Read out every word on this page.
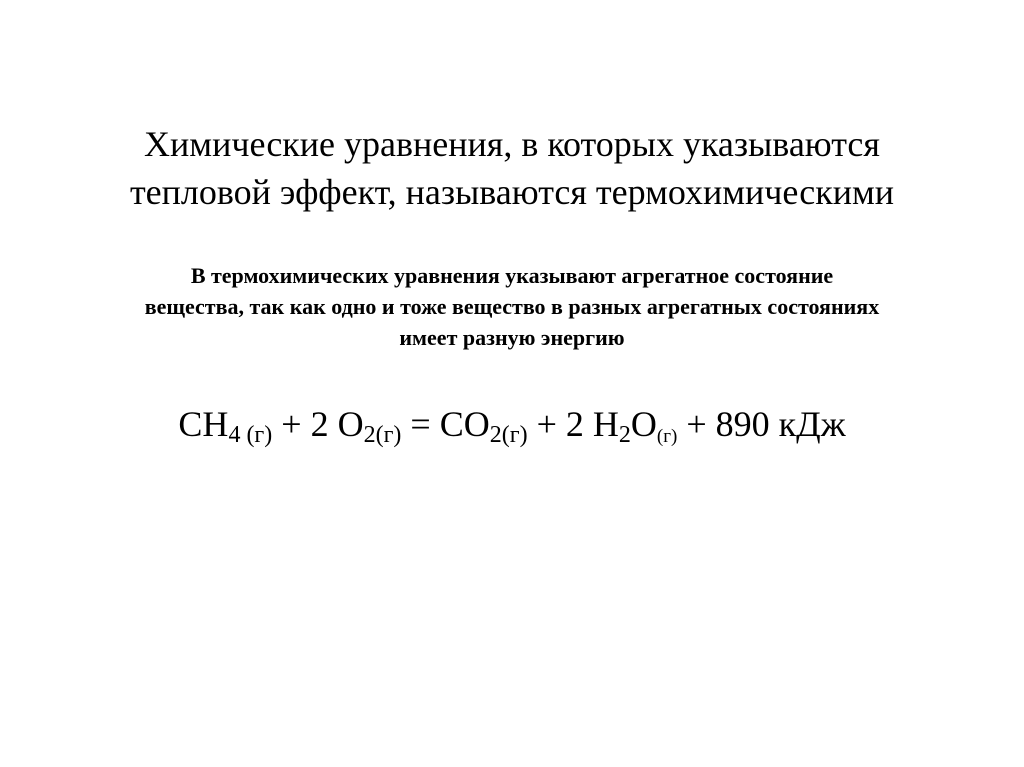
Химические уравнения, в которых указываются
тепловой эффект, называются термохимическими
В термохимических уравнения указывают агрегатное состояние
вещества, так как одно и тоже вещество в разных агрегатных состояниях
имеет разную энергию
$CH_{4 (г)} + 2$ $O_{2(г)} = CO_{2(г)} + 2$ $H_2O_{(г)} + 890$ кДж
